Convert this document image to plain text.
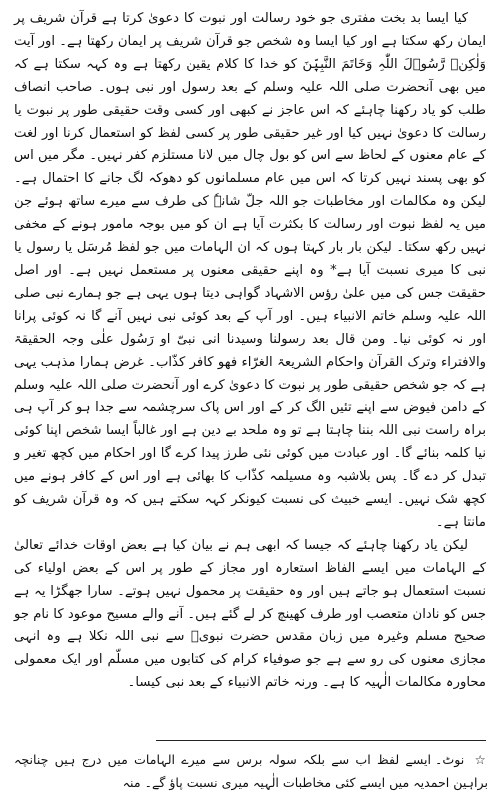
کیا ایسا بد بخت مفتری جو خود رسالت اور نبوت کا دعویٰ کرتا ہے قرآن شریف پر ایمان رکھ سکتا ہے اور کیا ایسا وہ شخص جو قرآن شریف پر ایمان رکھتا ہے۔ اور آیت وَلٰکِنۡ رَّسُوۡلَ اللّٰہِ وَخَاتَمَ النَّبِیّٖنَ کو خدا کا کلام یقین رکھتا ہے وہ کہہ سکتا ہے کہ میں بھی آنحضرت صلی اللہ علیہ وسلم کے بعد رسول اور نبی ہوں۔ صاحب انصاف طلب کو یاد رکھنا چاہئے کہ اس عاجز نے کبھی اور کسی وقت حقیقی طور پر نبوت یا رسالت کا دعویٰ نہیں کیا اور غیر حقیقی طور پر کسی لفظ کو استعمال کرنا اور لغت کے عام معنوں کے لحاظ سے اس کو بول چال میں لانا مستلزم کفر نہیں۔ مگر میں اس کو بھی پسند نہیں کرتا کہ اس میں عام مسلمانوں کو دھوکہ لگ جانے کا احتمال ہے۔ لیکن وہ مکالمات اور مخاطبات جو اللہ جلّ شانہٗ کی طرف سے میرے ساتھ ہوئے جن میں یہ لفظ نبوت اور رسالت کا بکثرت آیا ہے ان کو میں بوجہ مامور ہونے کے مخفی نہیں رکھ سکتا۔ لیکن بار بار کہتا ہوں کہ ان الہامات میں جو لفظ مُرسَل یا رسول یا نبی کا میری نسبت آیا ہے* وہ اپنے حقیقی معنوں پر مستعمل نہیں ہے۔ اور اصل حقیقت جس کی میں علیٰ رؤس الاشہاد گواہی دیتا ہوں یہی ہے جو ہمارے نبی صلی اللہ علیہ وسلم خاتم الانبیاء ہیں۔ اور آپ کے بعد کوئی نبی نہیں آنے گا نہ کوئی پرانا اور نہ کوئی نیا۔ ومن قال بعد رسولنا وسیدنا انی نبیّ او رَسُول علٰی وجہ الحقیقۃ والافتراء وترک القرآن واحکام الشریعۃ الغرّاء فھو کافر کذّاب۔ غرض ہمارا مذہب یہی ہے کہ جو شخص حقیقی طور پر نبوت کا دعویٰ کرے اور آنحضرت صلی اللہ علیہ وسلم کے دامن فیوض سے اپنے تئیں الگ کر کے اور اس پاک سرچشمہ سے جدا ہو کر آپ ہی براہ راست نبی اللہ بننا چاہتا ہے تو وہ ملحد بے دین ہے اور غالباً ایسا شخص اپنا کوئی نیا کلمہ بنائے گا۔ اور عبادت میں کوئی نئی طرز پیدا کرے گا اور احکام میں کچھ تغیر و تبدل کر دے گا۔ پس بلاشبہ وہ مسیلمہ کذّاب کا بھائی ہے اور اس کے کافر ہونے میں کچھ شک نہیں۔ ایسے خبیث کی نسبت کیونکر کہہ سکتے ہیں کہ وہ قرآن شریف کو مانتا ہے۔

لیکن یاد رکھنا چاہئے کہ جیسا کہ ابھی ہم نے بیان کیا ہے بعض اوقات خدائے تعالیٰ کے الہامات میں ایسے الفاظ استعارہ اور مجاز کے طور پر اس کے بعض اولیاء کی نسبت استعمال ہو جاتے ہیں اور وہ حقیقت پر محمول نہیں ہوتے۔ سارا جھگڑا یہ ہے جس کو نادان متعصب اور طرف کھینچ کر لے گئے ہیں۔ آنے والے مسیح موعود کا نام جو صحیح مسلم وغیرہ میں زبان مقدس حضرت نبویؐ سے نبی اللہ نکلا ہے وہ انہی مجازی معنوں کی رو سے ہے جو صوفیاء کرام کی کتابوں میں مسلّم اور ایک معمولی محاورہ مکالمات الٰہیہ کا ہے۔ ورنہ خاتم الانبیاء کے بعد نبی کیسا۔

☆ نوٹ۔ ایسے لفظ اب سے بلکہ سولہ برس سے میرے الہامات میں درج ہیں چنانچہ براہین احمدیہ میں ایسے کئی مخاطبات الٰہیہ میری نسبت پاؤ گے۔ منہ
